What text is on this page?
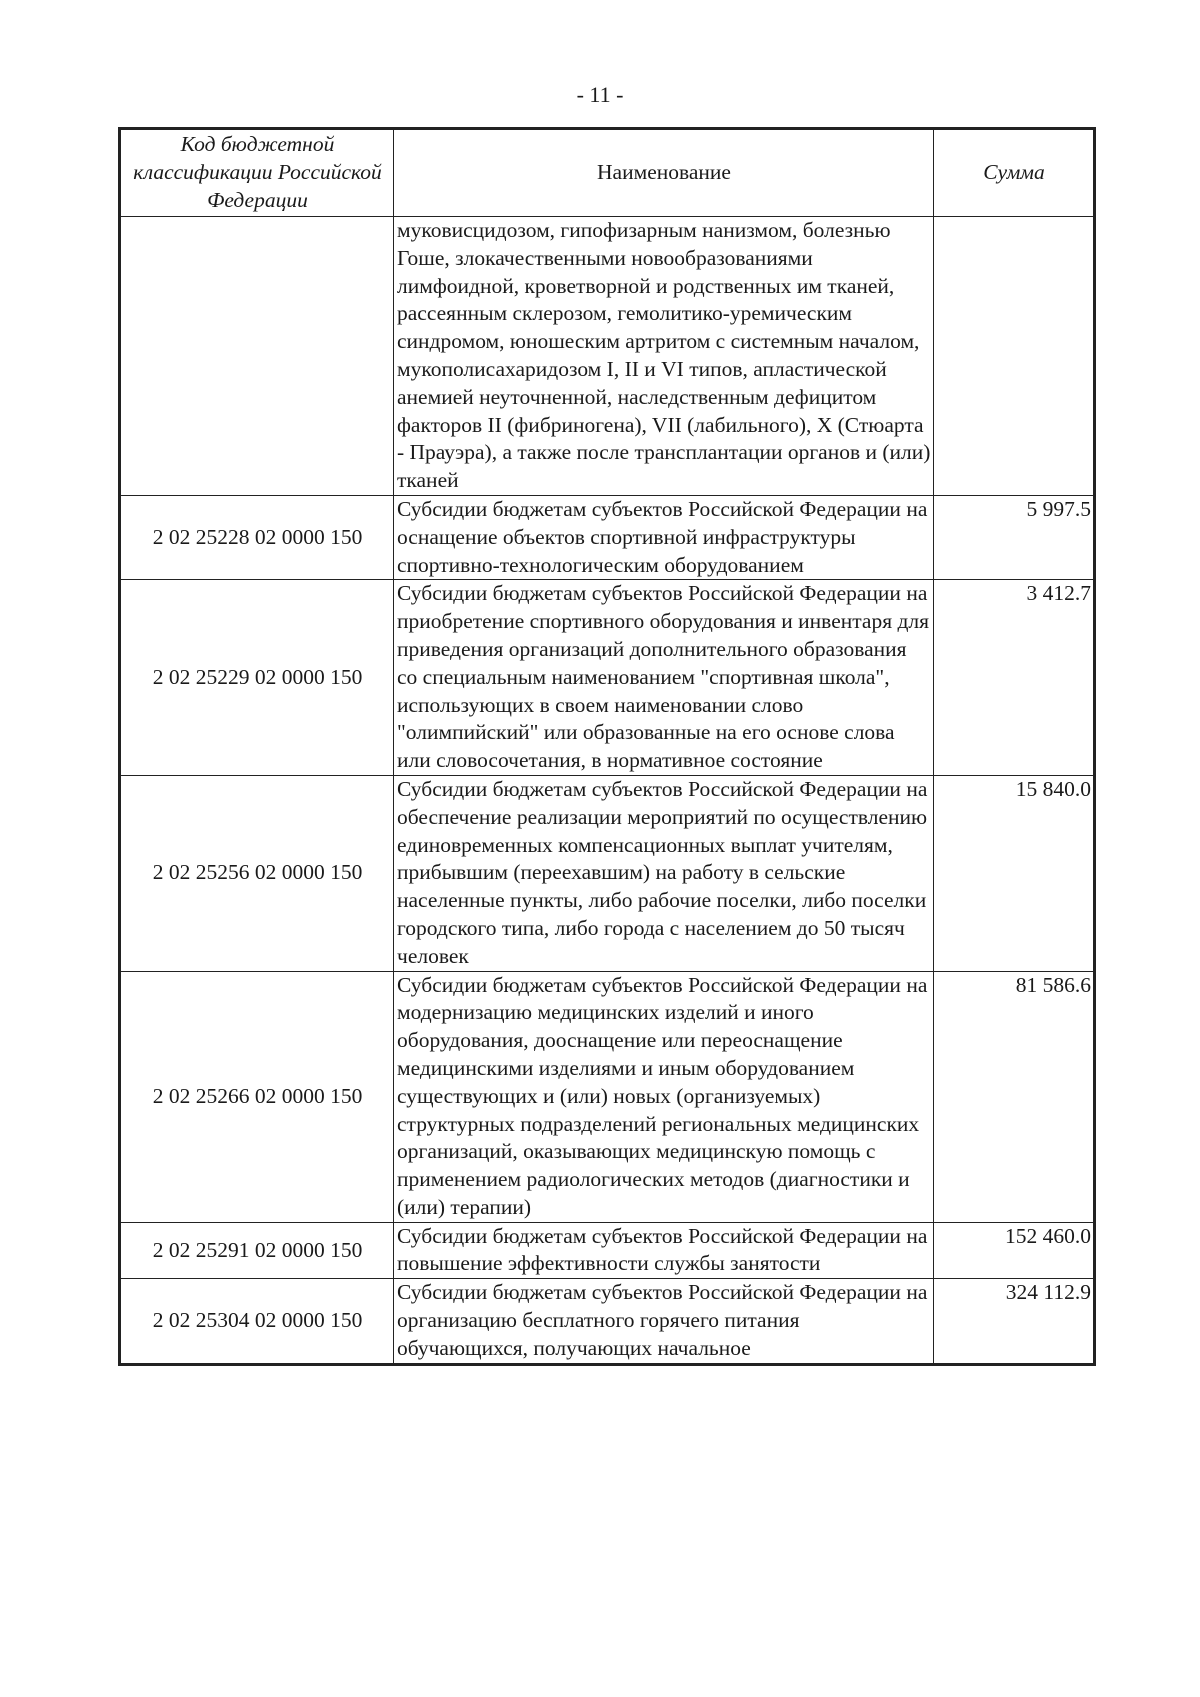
- 11 -
Код бюджетной классификации Российской Федерации	Наименование	Сумма
	муковисцидозом, гипофизарным нанизмом, болезнью Гоше, злокачественными новообразованиями лимфоидной, кроветворной и родственных им тканей, рассеянным склерозом, гемолитико-уремическим синдромом, юношеским артритом с системным началом, мукополисахаридозом I, II и VI типов, апластической анемией неуточненной, наследственным дефицитом факторов II (фибриногена), VII (лабильного), X (Стюарта - Прауэра), а также после трансплантации органов и (или) тканей	
2 02 25228 02 0000 150	Субсидии бюджетам субъектов Российской Федерации на оснащение объектов спортивной инфраструктуры спортивно-технологическим оборудованием	5 997.5
2 02 25229 02 0000 150	Субсидии бюджетам субъектов Российской Федерации на приобретение спортивного оборудования и инвентаря для приведения организаций дополнительного образования со специальным наименованием "спортивная школа", использующих в своем наименовании слово "олимпийский" или образованные на его основе слова или словосочетания, в нормативное состояние	3 412.7
2 02 25256 02 0000 150	Субсидии бюджетам субъектов Российской Федерации на обеспечение реализации мероприятий по осуществлению единовременных компенсационных выплат учителям, прибывшим (переехавшим) на работу в сельские населенные пункты, либо рабочие поселки, либо поселки городского типа, либо города с населением до 50 тысяч человек	15 840.0
2 02 25266 02 0000 150	Субсидии бюджетам субъектов Российской Федерации на модернизацию медицинских изделий и иного оборудования, дооснащение или переоснащение медицинскими изделиями и иным оборудованием существующих и (или) новых (организуемых) структурных подразделений региональных медицинских организаций, оказывающих медицинскую помощь с применением радиологических методов (диагностики и (или) терапии)	81 586.6
2 02 25291 02 0000 150	Субсидии бюджетам субъектов Российской Федерации на повышение эффективности службы занятости	152 460.0
2 02 25304 02 0000 150	Субсидии бюджетам субъектов Российской Федерации на организацию бесплатного горячего питания обучающихся, получающих начальное	324 112.9
